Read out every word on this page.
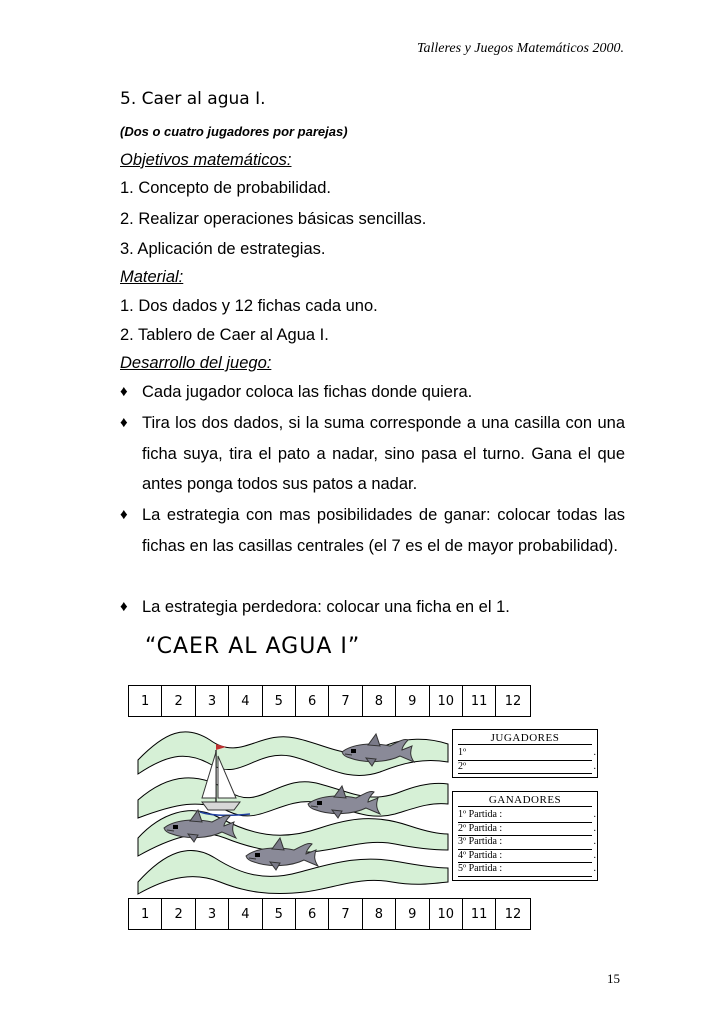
Talleres y Juegos Matemáticos 2000.
5. Caer al agua I.
(Dos o cuatro jugadores por parejas)
Objetivos matemáticos:
1. Concepto de probabilidad.
2. Realizar operaciones básicas sencillas.
3. Aplicación de estrategias.
Material:
1. Dos dados y 12 fichas cada uno.
2. Tablero de Caer al Agua I.
Desarrollo del juego:
♦ Cada jugador coloca las fichas donde quiera.
♦ Tira los dos dados, si la suma corresponde a una casilla con una ficha suya, tira el pato a nadar, sino pasa el turno. Gana el que antes ponga todos sus patos a nadar.
♦ La estrategia con mas posibilidades de ganar: colocar todas las fichas en las casillas centrales (el 7 es el de mayor probabilidad).
♦ La estrategia perdedora: colocar una ficha en el 1.
“CAER AL AGUA I”
1	2	3	4	5	6	7	8	9	10	11	12
JUGADORES
1º	.
2º	.
GANADORES
1º Partida :	.
2º Partida :	.
3º Partida :	.
4º Partida :	.
5º Partida :	.
1	2	3	4	5	6	7	8	9	10	11	12
15
